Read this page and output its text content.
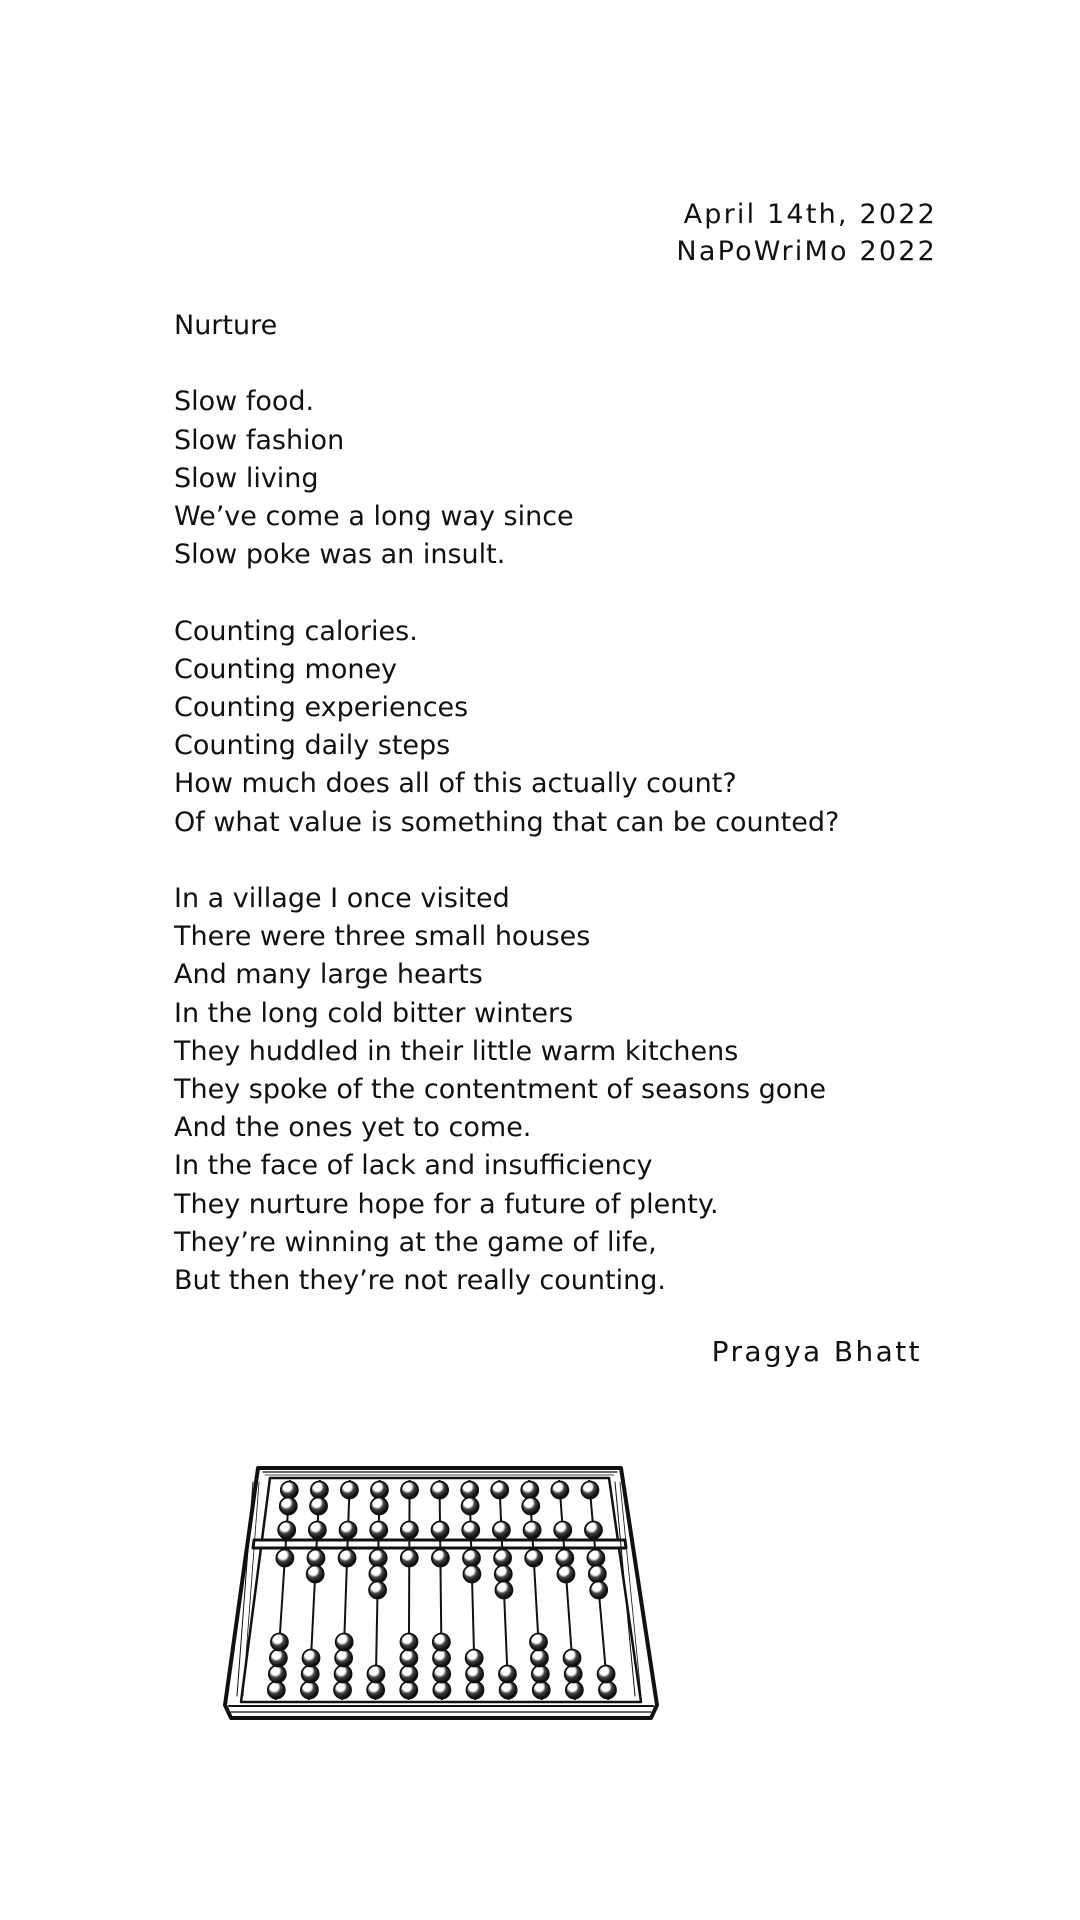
April 14th, 2022
NaPoWriMo 2022
Nurture
Slow food.
Slow fashion
Slow living
We’ve come a long way since
Slow poke was an insult.
Counting calories.
Counting money
Counting experiences
Counting daily steps
How much does all of this actually count?
Of what value is something that can be counted?
In a village I once visited
There were three small houses
And many large hearts
In the long cold bitter winters
They huddled in their little warm kitchens
They spoke of the contentment of seasons gone
And the ones yet to come.
In the face of lack and insufficiency
They nurture hope for a future of plenty.
They’re winning at the game of life,
But then they’re not really counting.
Pragya Bhatt
